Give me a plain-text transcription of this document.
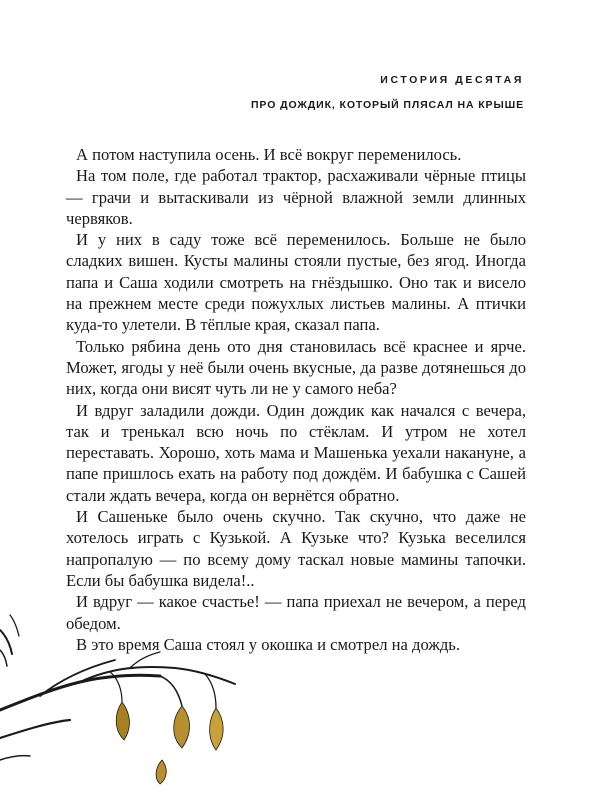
ИСТОРИЯ ДЕСЯТАЯ

ПРО ДОЖДИК, КОТОРЫЙ ПЛЯСАЛ НА КРЫШЕ

А потом наступила осень. И всё вокруг переменилось.

На том поле, где работал трактор, расхаживали чёрные птицы — грачи и вытаскивали из чёрной влажной земли длинных червяков.

И у них в саду тоже всё переменилось. Больше не было сладких вишен. Кусты малины стояли пустые, без ягод. Иногда папа и Саша ходили смотреть на гнёздышко. Оно так и висело на прежнем месте среди пожухлых листьев малины. А птички куда-то улетели. В тёплые края, сказал папа.

Только рябина день ото дня становилась всё краснее и ярче. Может, ягоды у неё были очень вкусные, да разве дотянешься до них, когда они висят чуть ли не у самого неба?

И вдруг заладили дожди. Один дождик как начался с вечера, так и тренькал всю ночь по стёклам. И утром не хотел переставать. Хорошо, хоть мама и Машенька уехали накануне, а папе пришлось ехать на работу под дождём. И бабушка с Сашей стали ждать вечера, когда он вернётся обратно.

И Сашеньке было очень скучно. Так скучно, что даже не хотелось играть с Кузькой. А Кузьке что? Кузька веселился напропалую — по всему дому таскал новые мамины тапочки. Если бы бабушка видела!..

И вдруг — какое счастье! — папа приехал не вечером, а перед обедом.

В это время Саша стоял у окошка и смотрел на дождь.
